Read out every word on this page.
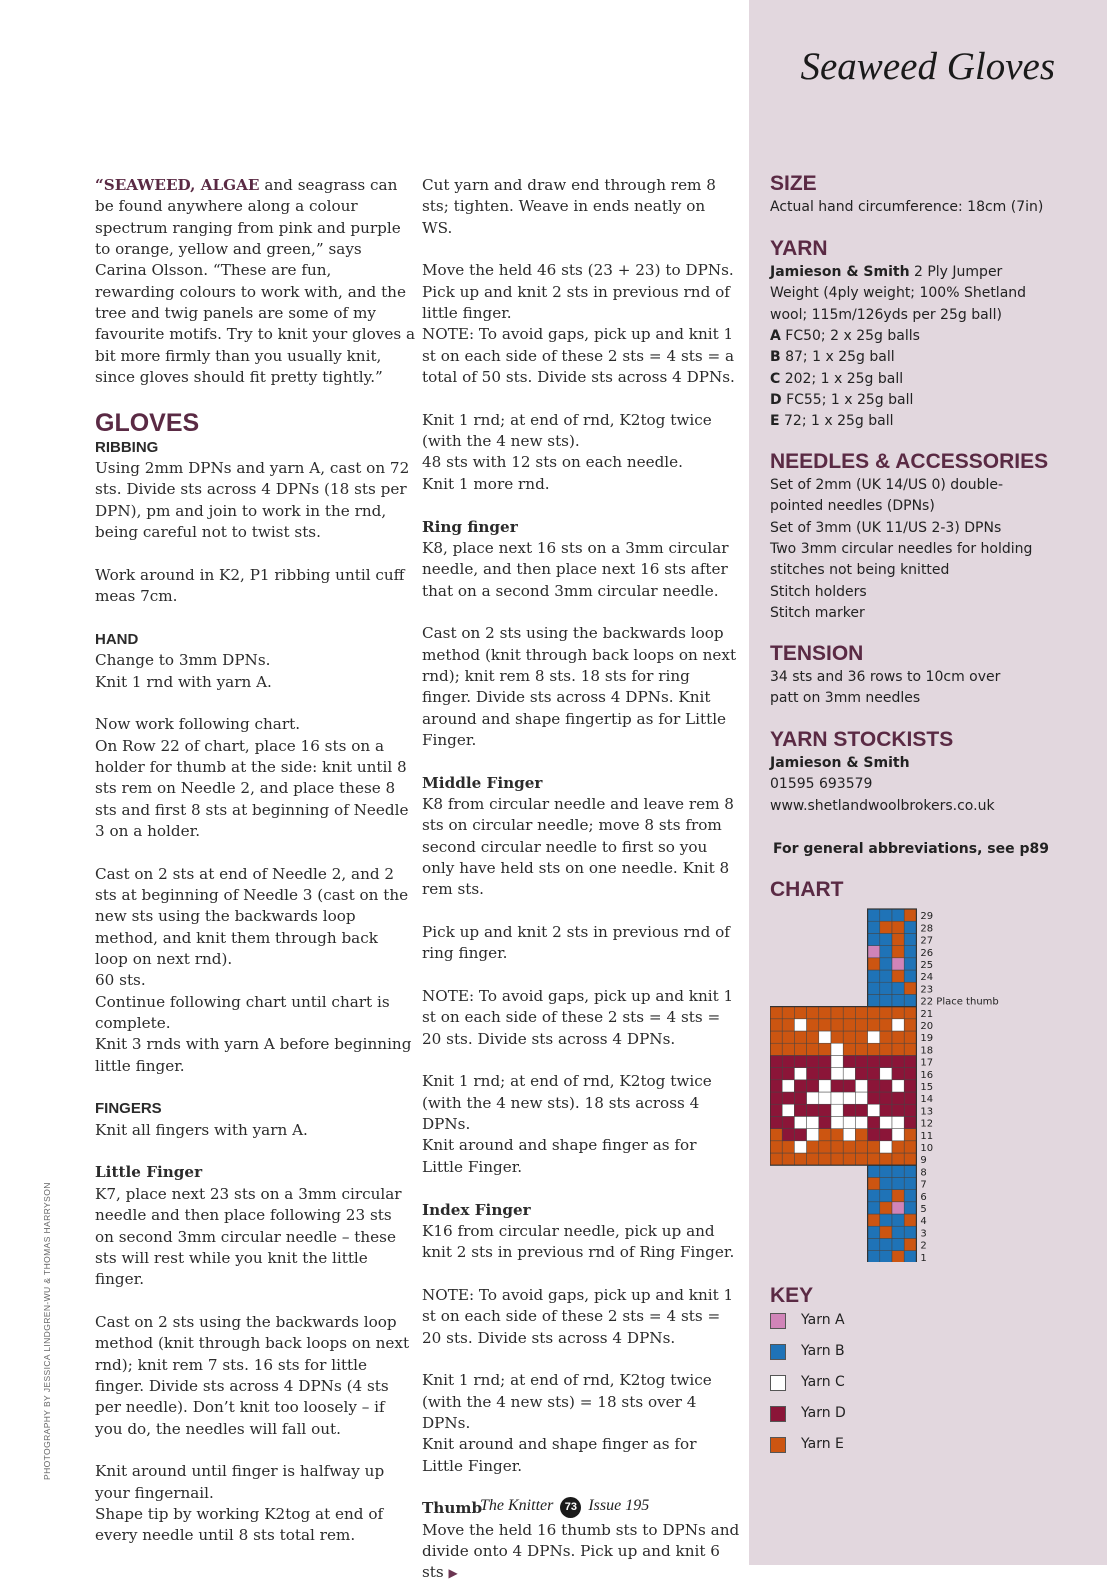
Seaweed Gloves

“SEAWEED, ALGAE and seagrass can be found anywhere along a colour spectrum ranging from pink and purple to orange, yellow and green,” says Carina Olsson. “These are fun, rewarding colours to work with, and the tree and twig panels are some of my favourite motifs. Try to knit your gloves a bit more firmly than you usually knit, since gloves should fit pretty tightly.”

GLOVES
RIBBING

Using 2mm DPNs and yarn A, cast on 72 sts. Divide sts across 4 DPNs (18 sts per DPN), pm and join to work in the rnd, being careful not to twist sts.

Work around in K2, P1 ribbing until cuff meas 7cm.

HAND

Change to 3mm DPNs.
Knit 1 rnd with yarn A.

Now work following chart.
On Row 22 of chart, place 16 sts on a holder for thumb at the side: knit until 8 sts rem on Needle 2, and place these 8 sts and first 8 sts at beginning of Needle 3 on a holder.

Cast on 2 sts at end of Needle 2, and 2 sts at beginning of Needle 3 (cast on the new sts using the backwards loop method, and knit them through back loop on next rnd).
60 sts.
Continue following chart until chart is complete.
Knit 3 rnds with yarn A before beginning little finger.

FINGERS

Knit all fingers with yarn A.

Little Finger

K7, place next 23 sts on a 3mm circular needle and then place following 23 sts on second 3mm circular needle – these sts will rest while you knit the little finger.

Cast on 2 sts using the backwards loop method (knit through back loops on next rnd); knit rem 7 sts. 16 sts for little finger. Divide sts across 4 DPNs (4 sts per needle). Don’t knit too loosely – if you do, the needles will fall out.

Knit around until finger is halfway up your fingernail.
Shape tip by working K2tog at end of every needle until 8 sts total rem.

Cut yarn and draw end through rem 8 sts; tighten. Weave in ends neatly on WS.

Move the held 46 sts (23 + 23) to DPNs. Pick up and knit 2 sts in previous rnd of little finger.
NOTE: To avoid gaps, pick up and knit 1 st on each side of these 2 sts = 4 sts = a total of 50 sts. Divide sts across 4 DPNs.

Knit 1 rnd; at end of rnd, K2tog twice (with the 4 new sts).
48 sts with 12 sts on each needle.
Knit 1 more rnd.

Ring finger

K8, place next 16 sts on a 3mm circular needle, and then place next 16 sts after that on a second 3mm circular needle.

Cast on 2 sts using the backwards loop method (knit through back loops on next rnd); knit rem 8 sts. 18 sts for ring finger. Divide sts across 4 DPNs. Knit around and shape fingertip as for Little Finger.

Middle Finger

K8 from circular needle and leave rem 8 sts on circular needle; move 8 sts from second circular needle to first so you only have held sts on one needle. Knit 8 rem sts.

Pick up and knit 2 sts in previous rnd of ring finger.

NOTE: To avoid gaps, pick up and knit 1 st on each side of these 2 sts = 4 sts = 20 sts. Divide sts across 4 DPNs.

Knit 1 rnd; at end of rnd, K2tog twice (with the 4 new sts). 18 sts across 4 DPNs.
Knit around and shape finger as for Little Finger.

Index Finger

K16 from circular needle, pick up and knit 2 sts in previous rnd of Ring Finger.

NOTE: To avoid gaps, pick up and knit 1 st on each side of these 2 sts = 4 sts = 20 sts. Divide sts across 4 DPNs.

Knit 1 rnd; at end of rnd, K2tog twice (with the 4 new sts) = 18 sts over 4 DPNs.
Knit around and shape finger as for Little Finger.

Thumb

Move the held 16 thumb sts to DPNs and divide onto 4 DPNs. Pick up and knit 6 sts ▶

SIZE

Actual hand circumference: 18cm (7in)

YARN

Jamieson & Smith 2 Ply Jumper Weight (4ply weight; 100% Shetland wool; 115m/126yds per 25g ball)

A FC50; 2 x 25g balls

B 87; 1 x 25g ball

C 202; 1 x 25g ball

D FC55; 1 x 25g ball

E 72; 1 x 25g ball

NEEDLES & ACCESSORIES

Set of 2mm (UK 14/US 0) double-pointed needles (DPNs)
Set of 3mm (UK 11/US 2-3) DPNs
Two 3mm circular needles for holding stitches not being knitted
Stitch holders
Stitch marker

TENSION

34 sts and 36 rows to 10cm over patt on 3mm needles

YARN STOCKISTS

Jamieson & Smith

01595 693579

www.shetlandwoolbrokers.co.uk

For general abbreviations, see p89

CHART
1
2
3
4
5
6
7
8
9
10
11
12
13
14
15
16
17
18
19
20
21
22 Place thumb
23
24
25
26
27
28
29
KEY
Yarn A
Yarn B
Yarn C
Yarn D
Yarn E
The Knitter 73 Issue 195
PHOTOGRAPHY BY JESSICA LINDGREN-WU & THOMAS HARRYSON
